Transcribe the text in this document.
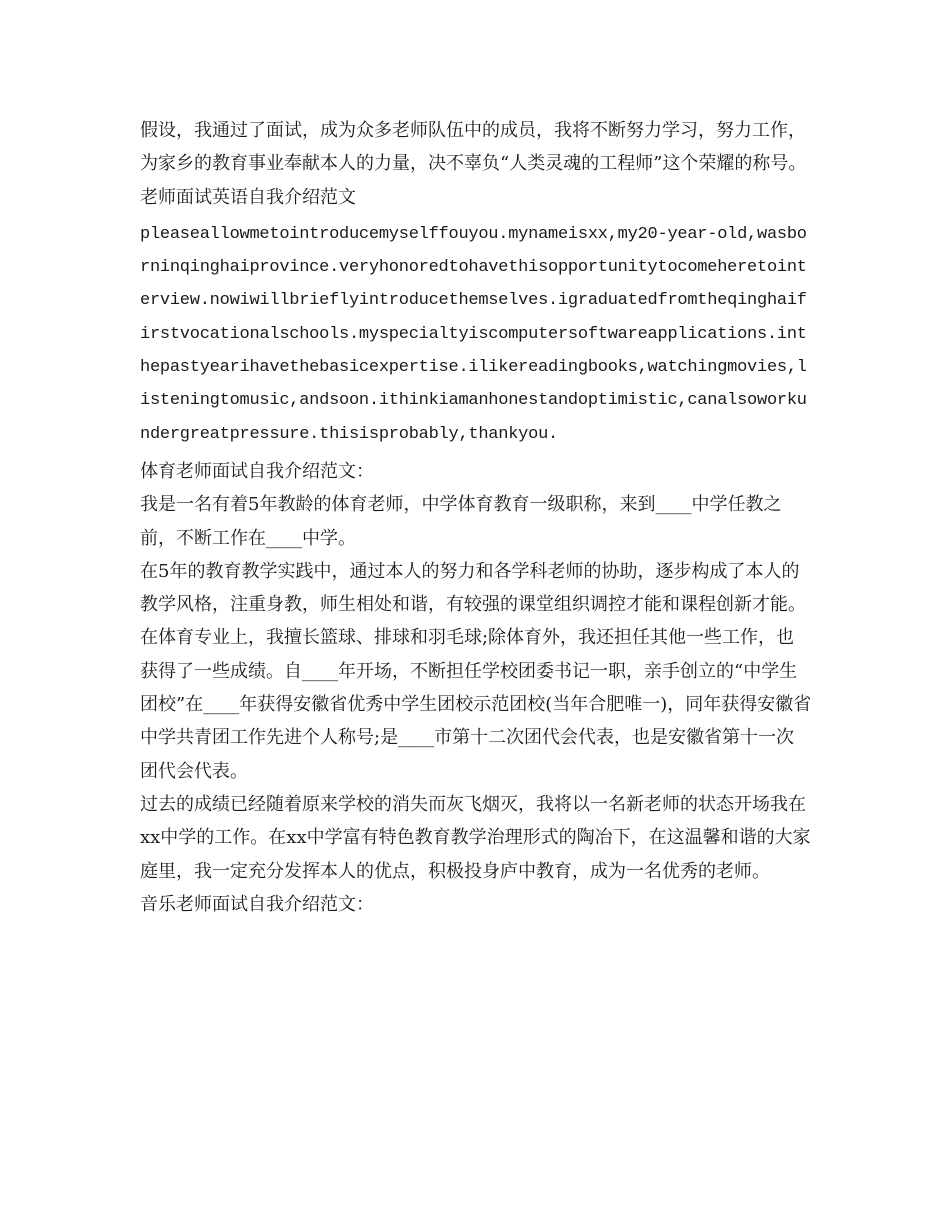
假设，我通过了面试，成为众多老师队伍中的成员，我将不断努力学习，努力工作，为家乡的教育事业奉献本人的力量，决不辜负“人类灵魂的工程师”这个荣耀的称号。

老师面试英语自我介绍范文

pleaseallowmetointroducemyselffouyou.mynameisxx,my20-year-old,wasborninqinghaiprovince.veryhonoredtohavethisopportunitytocomeheretointerview.nowiwillbrieflyintroducethemselves.igraduatedfromtheqinghaifirstvocationalschools.myspecialtyiscomputersoftwareapplications.inthepastyearihavethebasicexpertise.ilikereadingbooks,watchingmovies,listeningtomusic,andsoon.ithinkiamanhonestandoptimistic,canalsoworkundergreatpressure.thisisprobably,thankyou.

体育老师面试自我介绍范文：

我是一名有着5年教龄的体育老师，中学体育教育一级职称，来到____中学任教之前，不断工作在____中学。

在5年的教育教学实践中，通过本人的努力和各学科老师的协助，逐步构成了本人的教学风格，注重身教，师生相处和谐，有较强的课堂组织调控才能和课程创新才能。

在体育专业上，我擅长篮球、排球和羽毛球;除体育外，我还担任其他一些工作，也获得了一些成绩。自____年开场，不断担任学校团委书记一职，亲手创立的“中学生团校”在____年获得安徽省优秀中学生团校示范团校(当年合肥唯一)，同年获得安徽省中学共青团工作先进个人称号;是____市第十二次团代会代表，也是安徽省第十一次团代会代表。

过去的成绩已经随着原来学校的消失而灰飞烟灭，我将以一名新老师的状态开场我在xx中学的工作。在xx中学富有特色教育教学治理形式的陶冶下，在这温馨和谐的大家庭里，我一定充分发挥本人的优点，积极投身庐中教育，成为一名优秀的老师。

音乐老师面试自我介绍范文：
